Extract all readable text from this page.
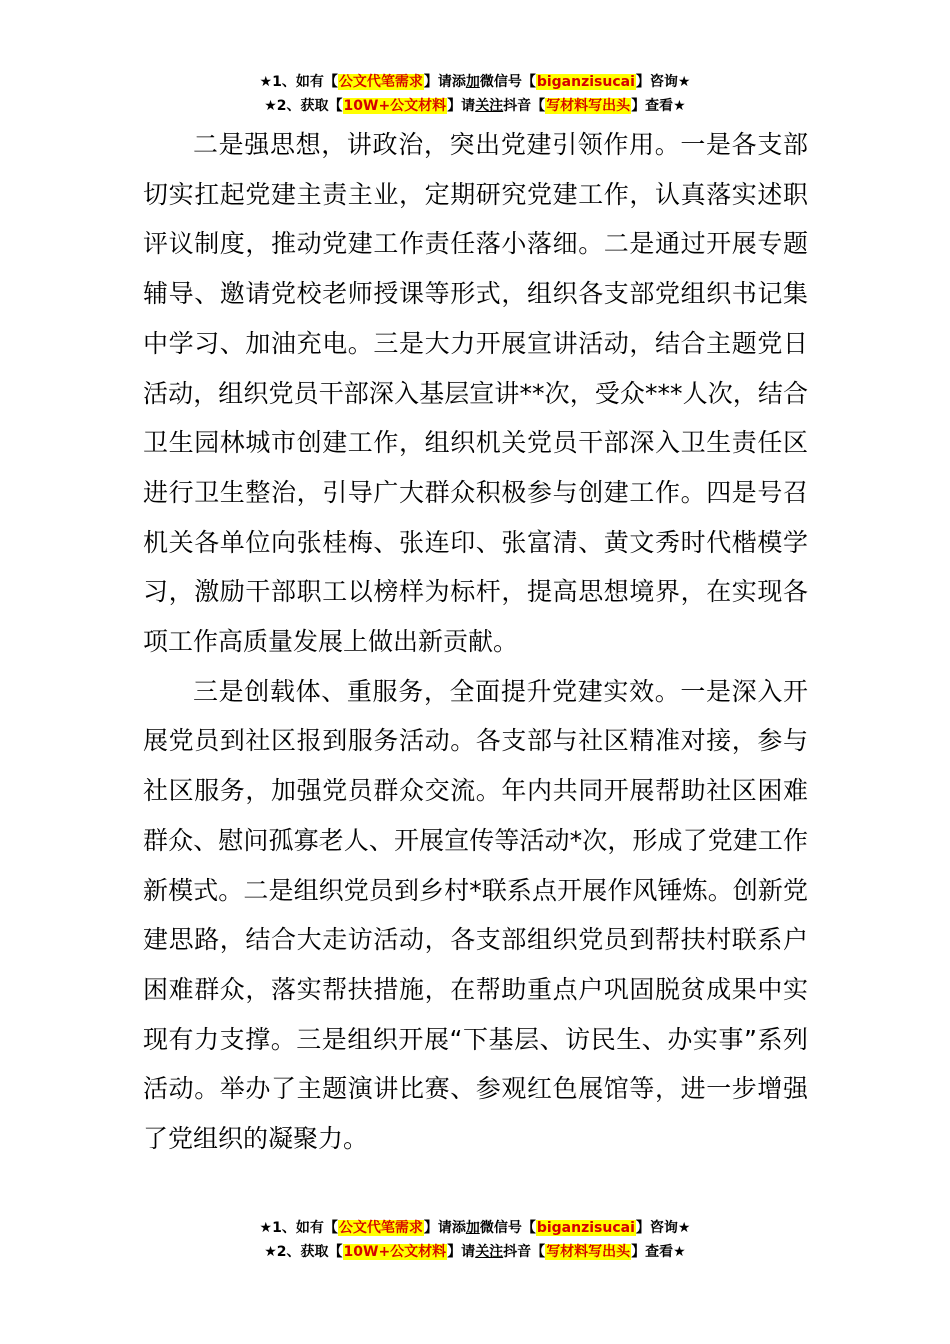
★1、如有【公文代笔需求】请添加微信号【biganzisucai】咨询★
★2、获取【10W+公文材料】请关注抖音【写材料写出头】查看★

二是强思想，讲政治，突出党建引领作用。一是各支部切实扛起党建主责主业，定期研究党建工作，认真落实述职评议制度，推动党建工作责任落小落细。二是通过开展专题辅导、邀请党校老师授课等形式，组织各支部党组织书记集中学习、加油充电。三是大力开展宣讲活动，结合主题党日活动，组织党员干部深入基层宣讲**次，受众***人次，结合卫生园林城市创建工作，组织机关党员干部深入卫生责任区进行卫生整治，引导广大群众积极参与创建工作。四是号召机关各单位向张桂梅、张连印、张富清、黄文秀时代楷模学习，激励干部职工以榜样为标杆，提高思想境界，在实现各项工作高质量发展上做出新贡献。

三是创载体、重服务，全面提升党建实效。一是深入开展党员到社区报到服务活动。各支部与社区精准对接，参与社区服务，加强党员群众交流。年内共同开展帮助社区困难群众、慰问孤寡老人、开展宣传等活动*次，形成了党建工作新模式。二是组织党员到乡村*联系点开展作风锤炼。创新党建思路，结合大走访活动，各支部组织党员到帮扶村联系户困难群众，落实帮扶措施，在帮助重点户巩固脱贫成果中实现有力支撑。三是组织开展“下基层、访民生、办实事”系列活动。举办了主题演讲比赛、参观红色展馆等，进一步增强了党组织的凝聚力。

★1、如有【公文代笔需求】请添加微信号【biganzisucai】咨询★
★2、获取【10W+公文材料】请关注抖音【写材料写出头】查看★
